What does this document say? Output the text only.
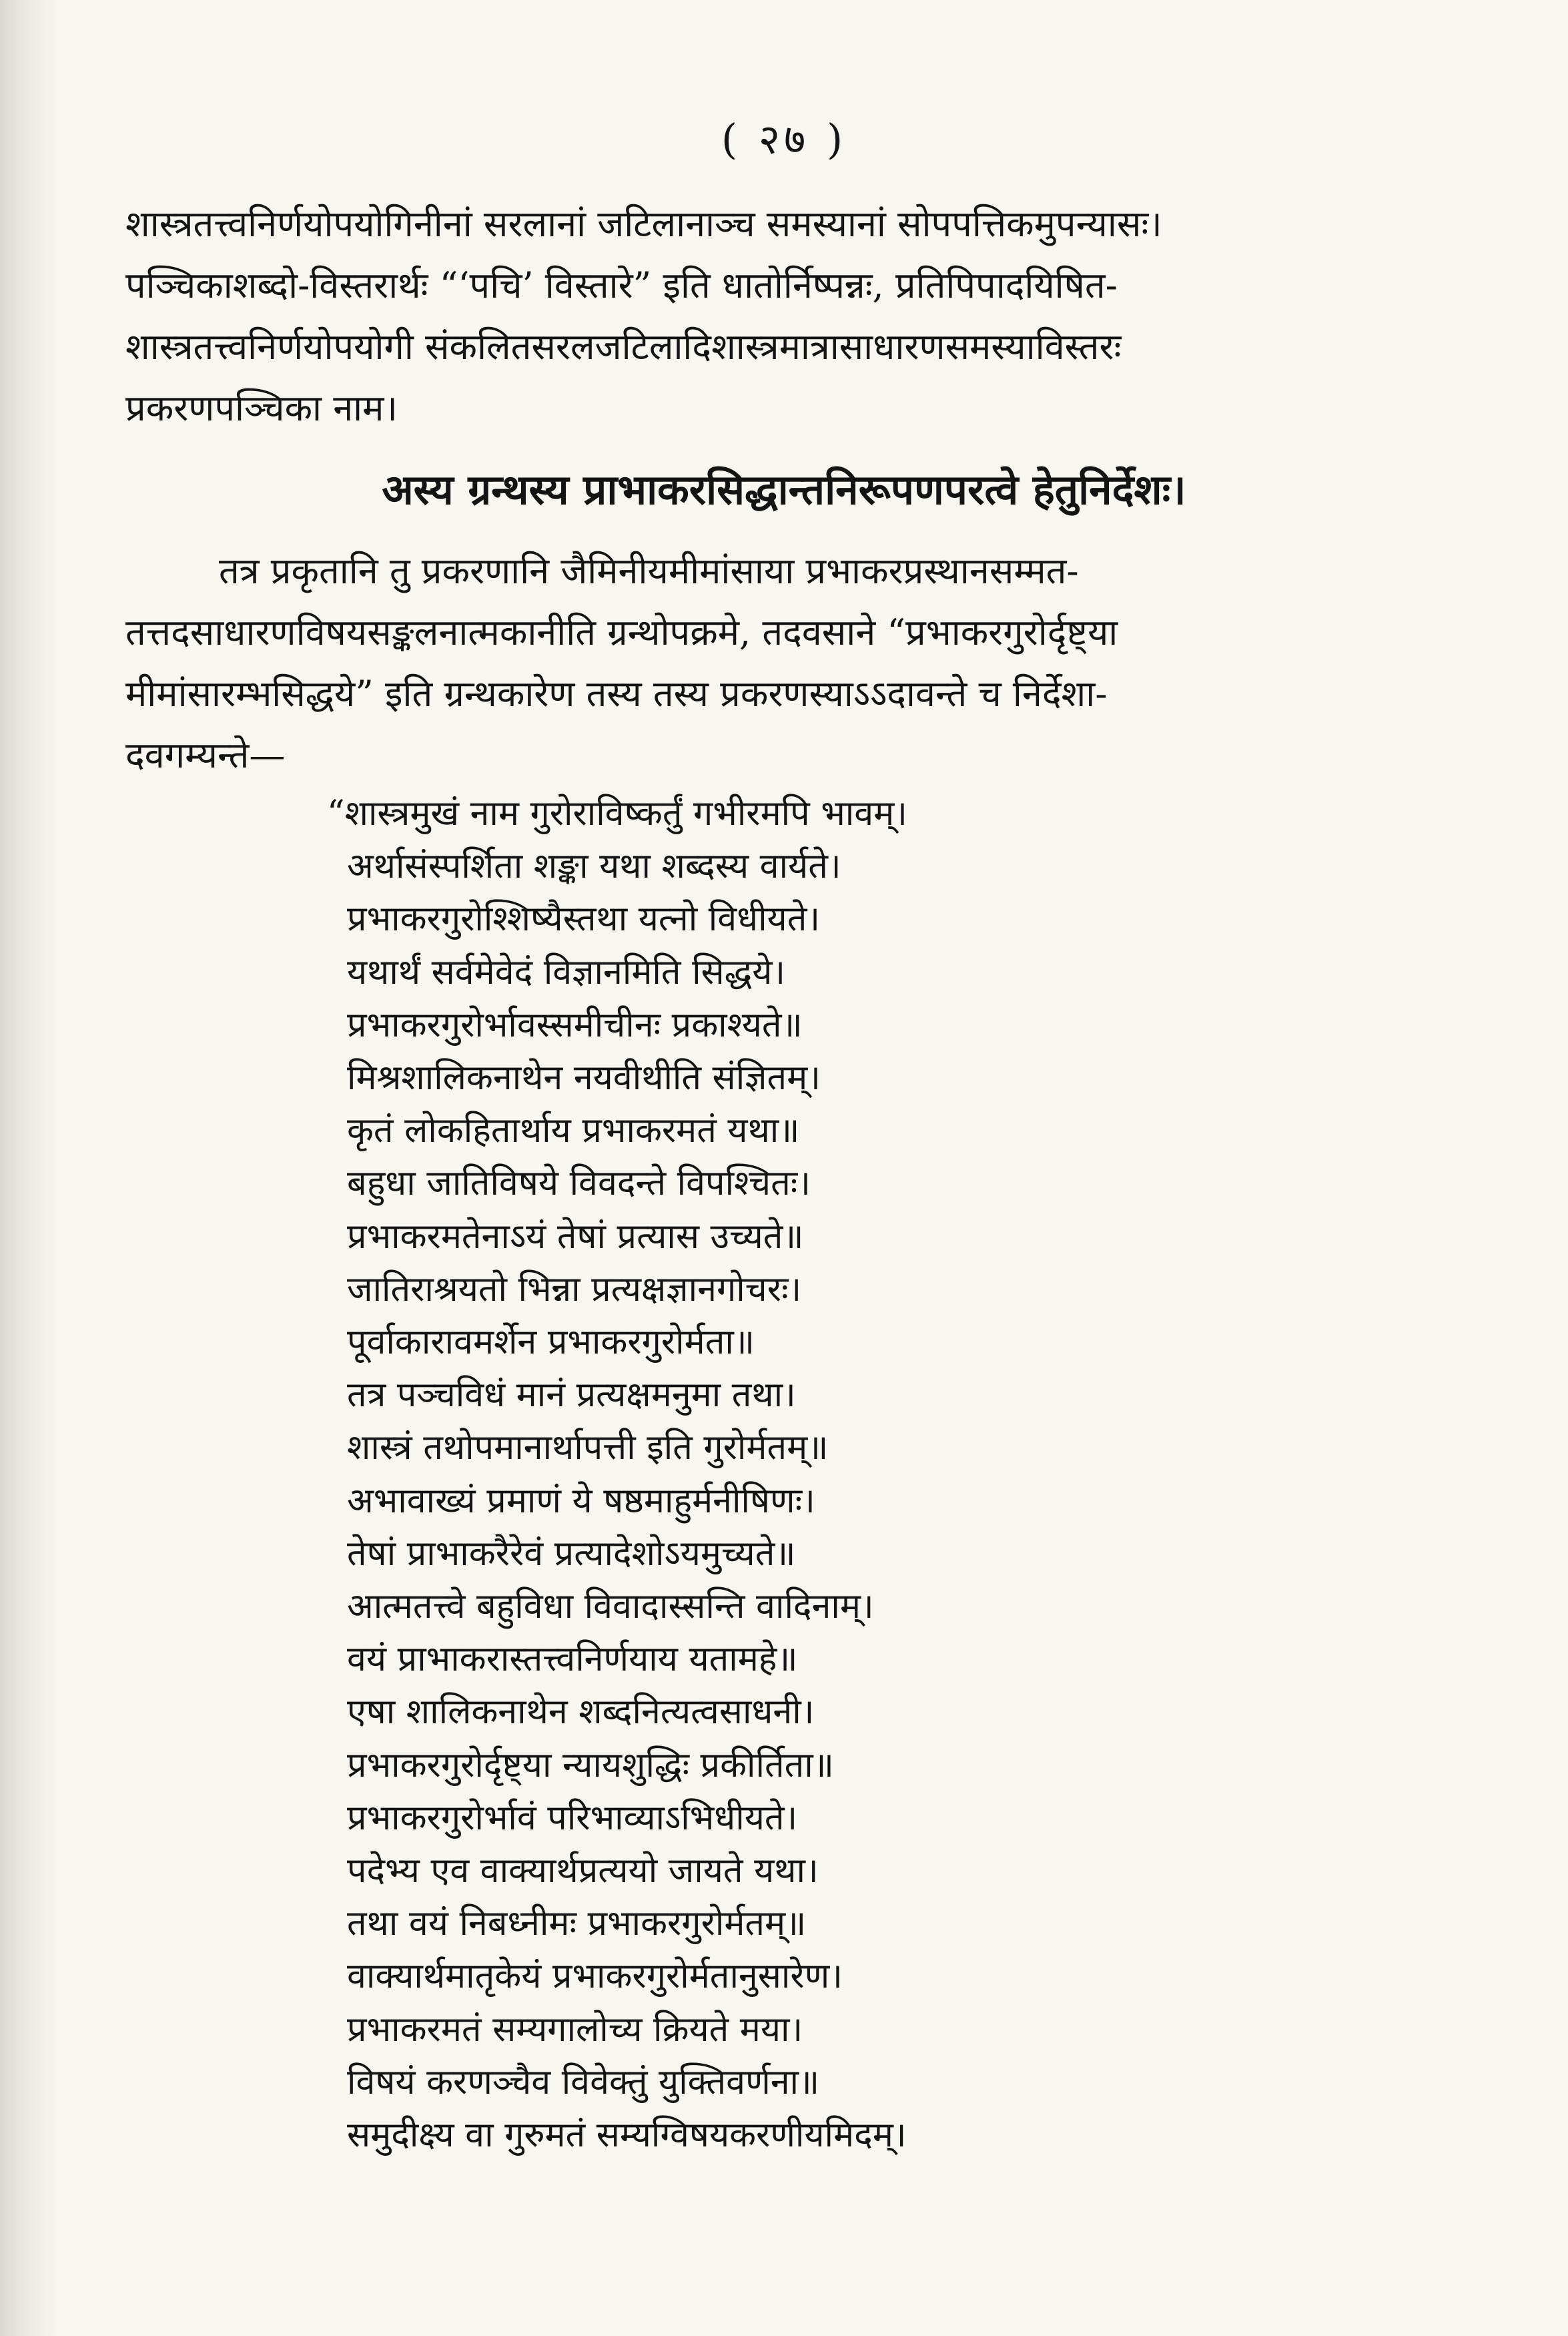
( २७ )
शास्त्रतत्त्वनिर्णयोपयोगिनीनां सरलानां जटिलानाञ्च समस्यानां सोपपत्तिकमुपन्यासः।
पञ्चिकाशब्दो-विस्तरार्थः “‘पचि’ विस्तारे” इति धातोर्निष्पन्नः, प्रतिपिपादयिषित-
शास्त्रतत्त्वनिर्णयोपयोगी संकलितसरलजटिलादिशास्त्रमात्रासाधारणसमस्याविस्तरः
प्रकरणपञ्चिका नाम।
अस्य ग्रन्थस्य प्राभाकरसिद्धान्तनिरूपणपरत्वे हेतुनिर्देशः।
तत्र प्रकृतानि तु प्रकरणानि जैमिनीयमीमांसाया प्रभाकरप्रस्थानसम्मत-
तत्तदसाधारणविषयसङ्कलनात्मकानीति ग्रन्थोपक्रमे, तदवसाने “प्रभाकरगुरोर्दृष्ट्या
मीमांसारम्भसिद्धये” इति ग्रन्थकारेण तस्य तस्य प्रकरणस्याऽऽदावन्ते च निर्देशा-
दवगम्यन्ते—
“शास्त्रमुखं नाम गुरोराविष्कर्तुं गभीरमपि भावम्।
अर्थासंस्पर्शिता शङ्का यथा शब्दस्य वार्यते।
प्रभाकरगुरोश्शिष्यैस्तथा यत्नो विधीयते।
यथार्थं सर्वमेवेदं विज्ञानमिति सिद्धये।
प्रभाकरगुरोर्भावस्समीचीनः प्रकाश्यते॥
मिश्रशालिकनाथेन नयवीथीति संज्ञितम्।
कृतं लोकहितार्थाय प्रभाकरमतं यथा॥
बहुधा जातिविषये विवदन्ते विपश्चितः।
प्रभाकरमतेनाऽयं तेषां प्रत्यास उच्यते॥
जातिराश्रयतो भिन्ना प्रत्यक्षज्ञानगोचरः।
पूर्वाकारावमर्शेन प्रभाकरगुरोर्मता॥
तत्र पञ्चविधं मानं प्रत्यक्षमनुमा तथा।
शास्त्रं तथोपमानार्थापत्ती इति गुरोर्मतम्॥
अभावाख्यं प्रमाणं ये षष्ठमाहुर्मनीषिणः।
तेषां प्राभाकरैरेवं प्रत्यादेशोऽयमुच्यते॥
आत्मतत्त्वे बहुविधा विवादास्सन्ति वादिनाम्।
वयं प्राभाकरास्तत्त्वनिर्णयाय यतामहे॥
एषा शालिकनाथेन शब्दनित्यत्वसाधनी।
प्रभाकरगुरोर्दृष्ट्या न्यायशुद्धिः प्रकीर्तिता॥
प्रभाकरगुरोर्भावं परिभाव्याऽभिधीयते।
पदेभ्य एव वाक्यार्थप्रत्ययो जायते यथा।
तथा वयं निबध्नीमः प्रभाकरगुरोर्मतम्॥
वाक्यार्थमातृकेयं प्रभाकरगुरोर्मतानुसारेण।
प्रभाकरमतं सम्यगालोच्य क्रियते मया।
विषयं करणञ्चैव विवेक्तुं युक्तिवर्णना॥
समुदीक्ष्य वा गुरुमतं सम्यग्विषयकरणीयमिदम्।
